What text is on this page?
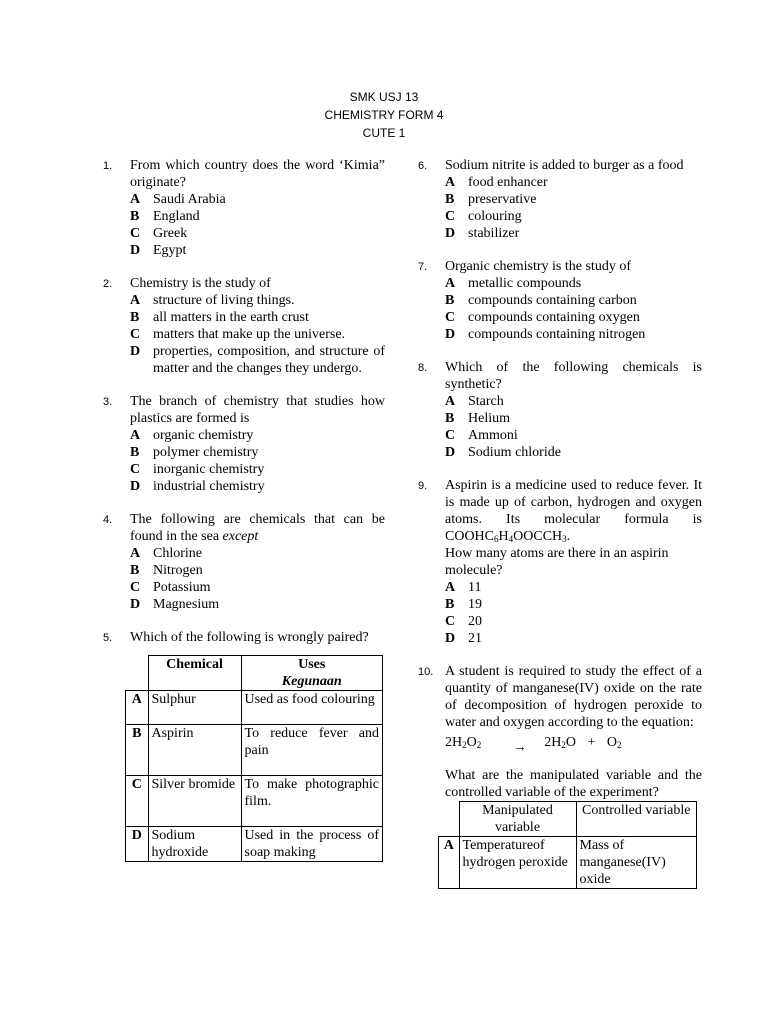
SMK USJ 13
CHEMISTRY FORM 4
CUTE 1
1. From which country does the word ‘Kimia” originate?
A Saudi Arabia
B England
C Greek
D Egypt
2. Chemistry is the study of
A structure of living things.
B all matters in the earth crust
C matters that make up the universe.
D properties, composition, and structure of matter and the changes they undergo.
3. The branch of chemistry that studies how plastics are formed is
A organic chemistry
B polymer chemistry
C inorganic chemistry
D industrial chemistry
4. The following are chemicals that can be found in the sea except
A Chlorine
B Nitrogen
C Potassium
D Magnesium
5. Which of the following is wrongly paired?
	Chemical	Uses
Kegunaan

A	Sulphur	Used as food colouring
B	Aspirin	To reduce fever and pain
C	Silver bromide	To make photographic film.
D	Sodium hydroxide	Used in the process of soap making
6. Sodium nitrite is added to burger as a food
A food enhancer
B preservative
C colouring
D stabilizer
7. Organic chemistry is the study of
A metallic compounds
B compounds containing carbon
C compounds containing oxygen
D compounds containing nitrogen
8. Which of the following chemicals is synthetic?
A Starch
B Helium
C Ammoni
D Sodium chloride
9. Aspirin is a medicine used to reduce fever. It is made up of carbon, hydrogen and oxygen atoms. Its molecular formula is $COOHC_6H_4OOCCH_3$.
How many atoms are there in an aspirin molecule?
A 11
B 19
C 20
D 21
10. A student is required to study the effect of a quantity of manganese(IV) oxide on the rate of decomposition of hydrogen peroxide to water and oxygen according to the equation:
$2H_2O_2 \to 2H_2O + O_2$
What are the manipulated variable and the controlled variable of the experiment?
	Manipulated variable	Controlled variable
A	Temperatureof hydrogen peroxide	Mass of manganese(IV) oxide
